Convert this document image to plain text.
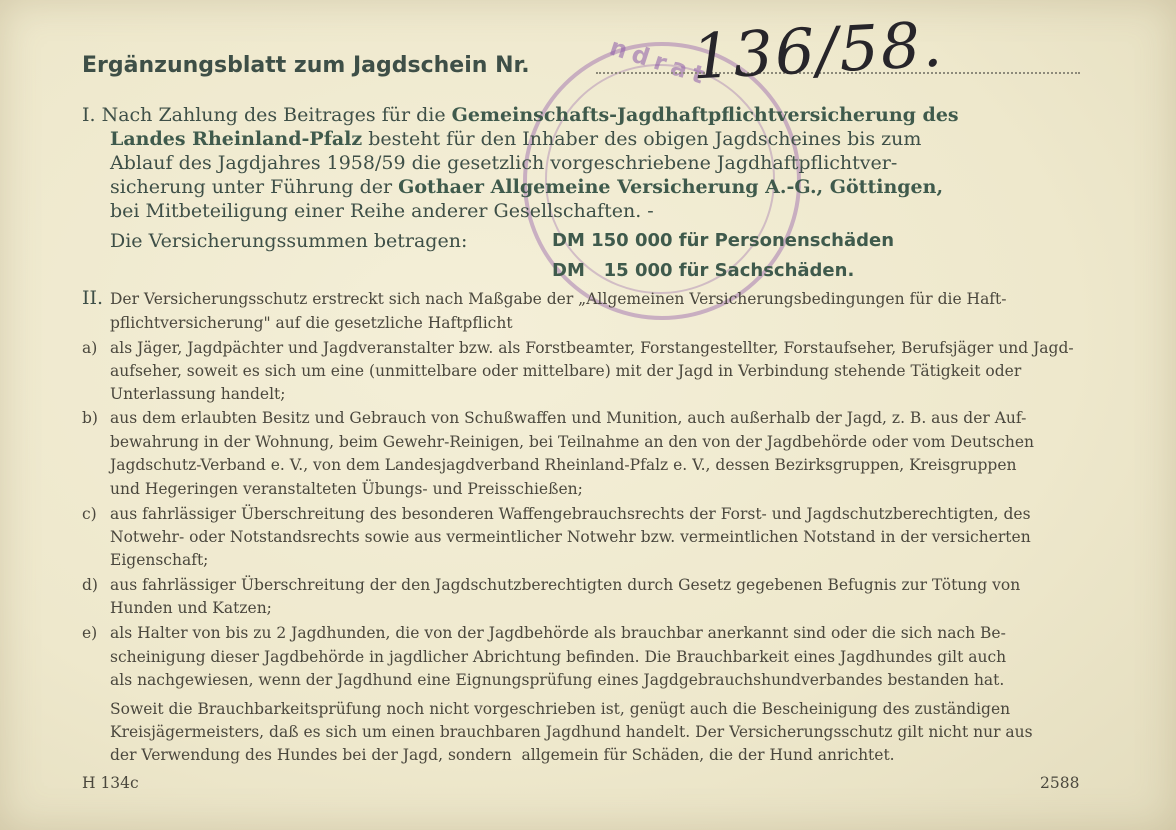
ndrat
Ergänzungsblatt zum Jagdschein Nr.	136/58.
I. Nach Zahlung des Beitrages für die Gemeinschafts-Jagdhaftpflichtversicherung des
Landes Rheinland-Pfalz besteht für den Inhaber des obigen Jagdscheines bis zum
Ablauf des Jagdjahres 1958/59 die gesetzlich vorgeschriebene Jagdhaftpflichtver-
sicherung unter Führung der Gothaer Allgemeine Versicherung A.-G., Göttingen,
bei Mitbeteiligung einer Reihe anderer Gesellschaften. -
Die Versicherungssummen betragen:	DM 150 000 für Personenschäden
DM   15 000 für Sachschäden.
II. Der Versicherungsschutz erstreckt sich nach Maßgabe der „Allgemeinen Versicherungsbedingungen für die Haft-
pflichtversicherung" auf die gesetzliche Haftpflicht
a) als Jäger, Jagdpächter und Jagdveranstalter bzw. als Forstbeamter, Forstangestellter, Forstaufseher, Berufsjäger und Jagd-
aufseher, soweit es sich um eine (unmittelbare oder mittelbare) mit der Jagd in Verbindung stehende Tätigkeit oder
Unterlassung handelt;
b) aus dem erlaubten Besitz und Gebrauch von Schußwaffen und Munition, auch außerhalb der Jagd, z. B. aus der Auf-
bewahrung in der Wohnung, beim Gewehr-Reinigen, bei Teilnahme an den von der Jagdbehörde oder vom Deutschen
Jagdschutz-Verband e. V., von dem Landesjagdverband Rheinland-Pfalz e. V., dessen Bezirksgruppen, Kreisgruppen
und Hegeringen veranstalteten Übungs- und Preisschießen;
c) aus fahrlässiger Überschreitung des besonderen Waffengebrauchsrechts der Forst- und Jagdschutzberechtigten, des
Notwehr- oder Notstandsrechts sowie aus vermeintlicher Notwehr bzw. vermeintlichen Notstand in der versicherten
Eigenschaft;
d) aus fahrlässiger Überschreitung der den Jagdschutzberechtigten durch Gesetz gegebenen Befugnis zur Tötung von
Hunden und Katzen;
e) als Halter von bis zu 2 Jagdhunden, die von der Jagdbehörde als brauchbar anerkannt sind oder die sich nach Be-
scheinigung dieser Jagdbehörde in jagdlicher Abrichtung befinden. Die Brauchbarkeit eines Jagdhundes gilt auch
als nachgewiesen, wenn der Jagdhund eine Eignungsprüfung eines Jagdgebrauchshundverbandes bestanden hat.
Soweit die Brauchbarkeitsprüfung noch nicht vorgeschrieben ist, genügt auch die Bescheinigung des zuständigen
Kreisjägermeisters, daß es sich um einen brauchbaren Jagdhund handelt. Der Versicherungsschutz gilt nicht nur aus
der Verwendung des Hundes bei der Jagd, sondern  allgemein für Schäden, die der Hund anrichtet.
H 134c	2588
